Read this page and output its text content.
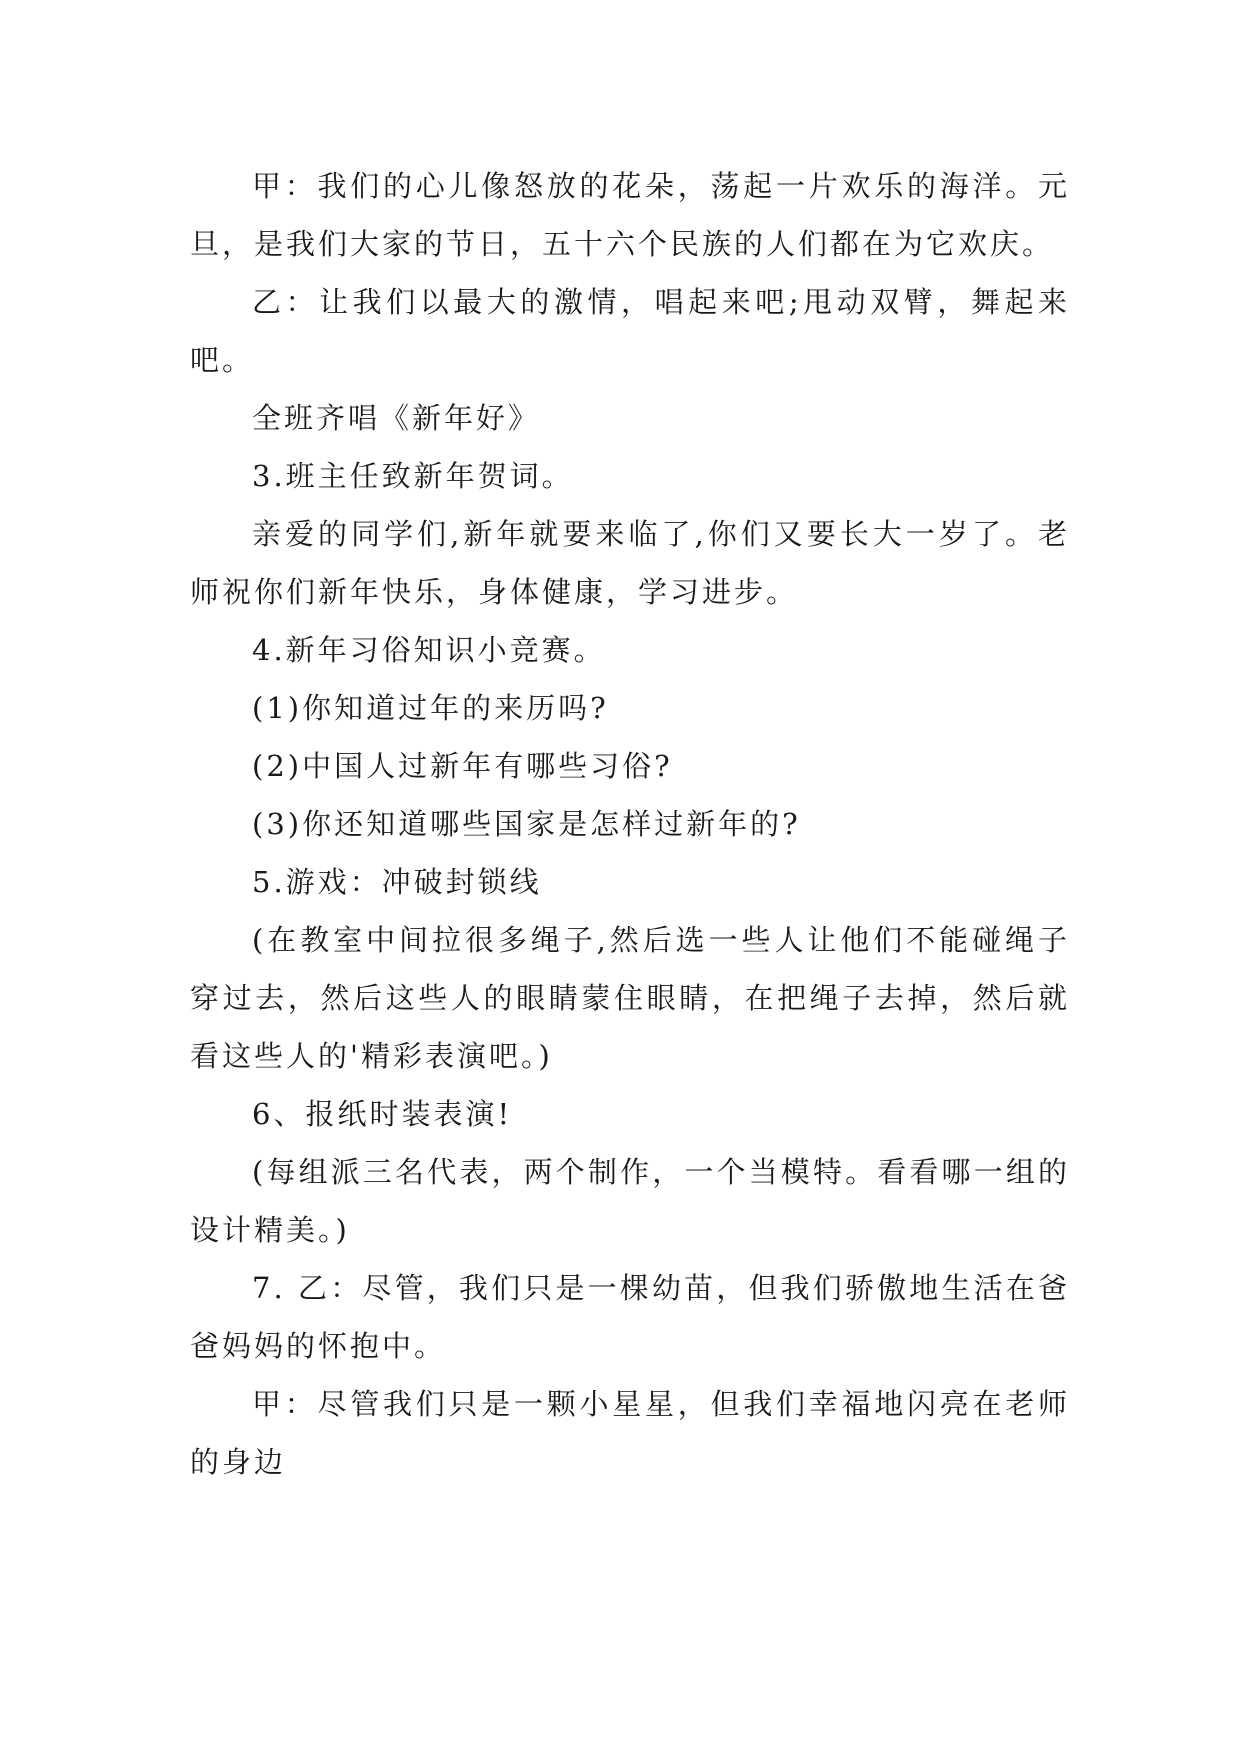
甲：我们的心儿像怒放的花朵，荡起一片欢乐的海洋。元旦，是我们大家的节日，五十六个民族的人们都在为它欢庆。

乙：让我们以最大的激情，唱起来吧;甩动双臂，舞起来吧。

全班齐唱《新年好》

3.班主任致新年贺词。

亲爱的同学们,新年就要来临了,你们又要长大一岁了。老师祝你们新年快乐，身体健康，学习进步。

4.新年习俗知识小竞赛。

(1)你知道过年的来历吗?

(2)中国人过新年有哪些习俗?

(3)你还知道哪些国家是怎样过新年的?

5.游戏：冲破封锁线

(在教室中间拉很多绳子,然后选一些人让他们不能碰绳子穿过去，然后这些人的眼睛蒙住眼睛，在把绳子去掉，然后就看这些人的'精彩表演吧。)

6、报纸时装表演!

(每组派三名代表，两个制作，一个当模特。看看哪一组的设计精美。)

7. 乙：尽管，我们只是一棵幼苗，但我们骄傲地生活在爸爸妈妈的怀抱中。

甲：尽管我们只是一颗小星星，但我们幸福地闪亮在老师的身边
